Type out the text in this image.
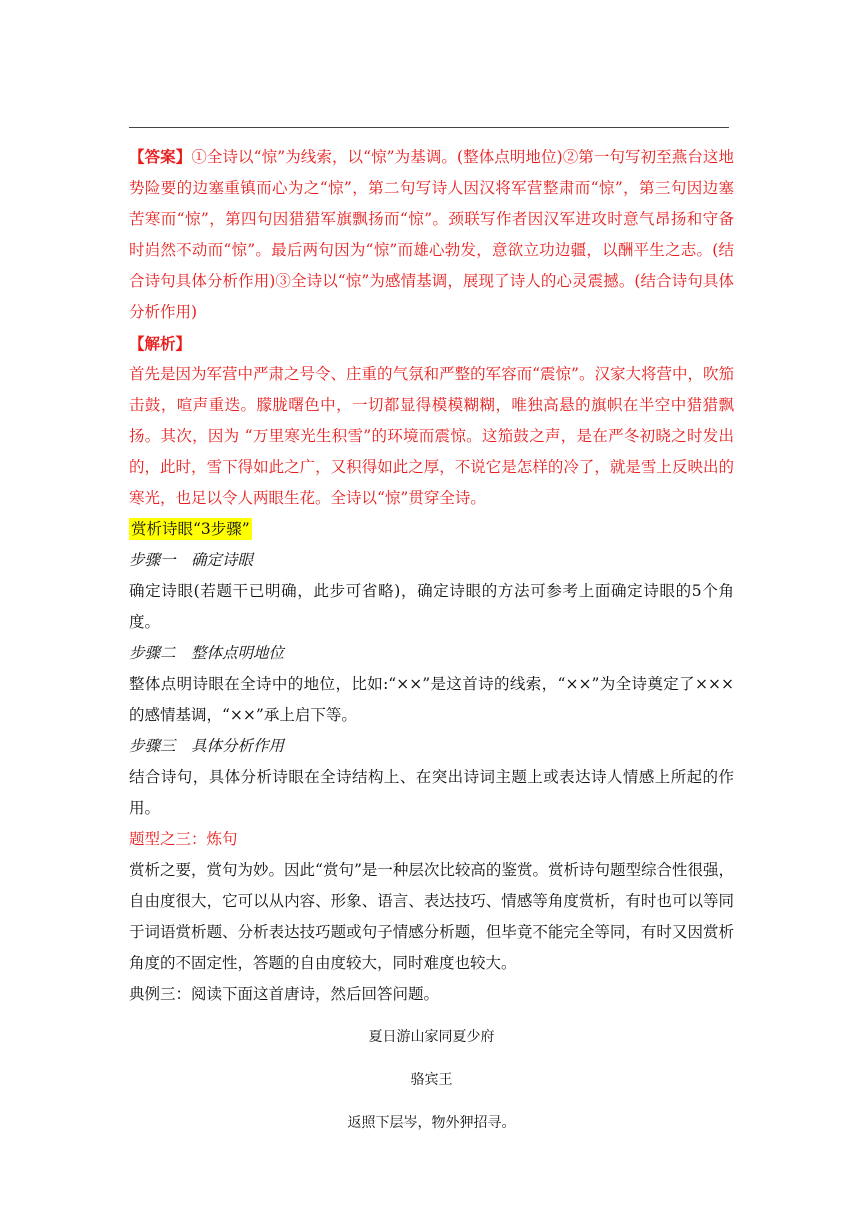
【答案】①全诗以“惊”为线索，以“惊”为基调。(整体点明地位)②第一句写初至燕台这地势险要的边塞重镇而心为之“惊”，第二句写诗人因汉将军营整肃而“惊”，第三句因边塞苦寒而“惊”，第四句因猎猎军旗飘扬而“惊”。颈联写作者因汉军进攻时意气昂扬和守备时岿然不动而“惊”。最后两句因为“惊”而雄心勃发，意欲立功边疆，以酬平生之志。(结合诗句具体分析作用)③全诗以“惊”为感情基调，展现了诗人的心灵震撼。(结合诗句具体分析作用)

【解析】

首先是因为军营中严肃之号令、庄重的气氛和严整的军容而“震惊”。汉家大将营中，吹笳击鼓，喧声重迭。朦胧曙色中，一切都显得模模糊糊，唯独高悬的旗帜在半空中猎猎飘扬。其次，因为 “万里寒光生积雪”的环境而震惊。这笳鼓之声，是在严冬初晓之时发出的，此时，雪下得如此之广，又积得如此之厚，不说它是怎样的冷了，就是雪上反映出的寒光，也足以令人两眼生花。全诗以“惊”贯穿全诗。

赏析诗眼“3步骤”

步骤一　确定诗眼

确定诗眼(若题干已明确，此步可省略)，确定诗眼的方法可参考上面确定诗眼的5个角度。

步骤二　整体点明地位

整体点明诗眼在全诗中的地位，比如:“××”是这首诗的线索，“××”为全诗奠定了×××的感情基调，“××”承上启下等。

步骤三　具体分析作用

结合诗句，具体分析诗眼在全诗结构上、在突出诗词主题上或表达诗人情感上所起的作用。

题型之三：炼句

赏析之要，赏句为妙。因此“赏句”是一种层次比较高的鉴赏。赏析诗句题型综合性很强，自由度很大，它可以从内容、形象、语言、表达技巧、情感等角度赏析，有时也可以等同于词语赏析题、分析表达技巧题或句子情感分析题，但毕竟不能完全等同，有时又因赏析角度的不固定性，答题的自由度较大，同时难度也较大。

典例三：阅读下面这首唐诗，然后回答问题。

夏日游山家同夏少府

骆宾王

返照下层岑，物外狎招寻。
